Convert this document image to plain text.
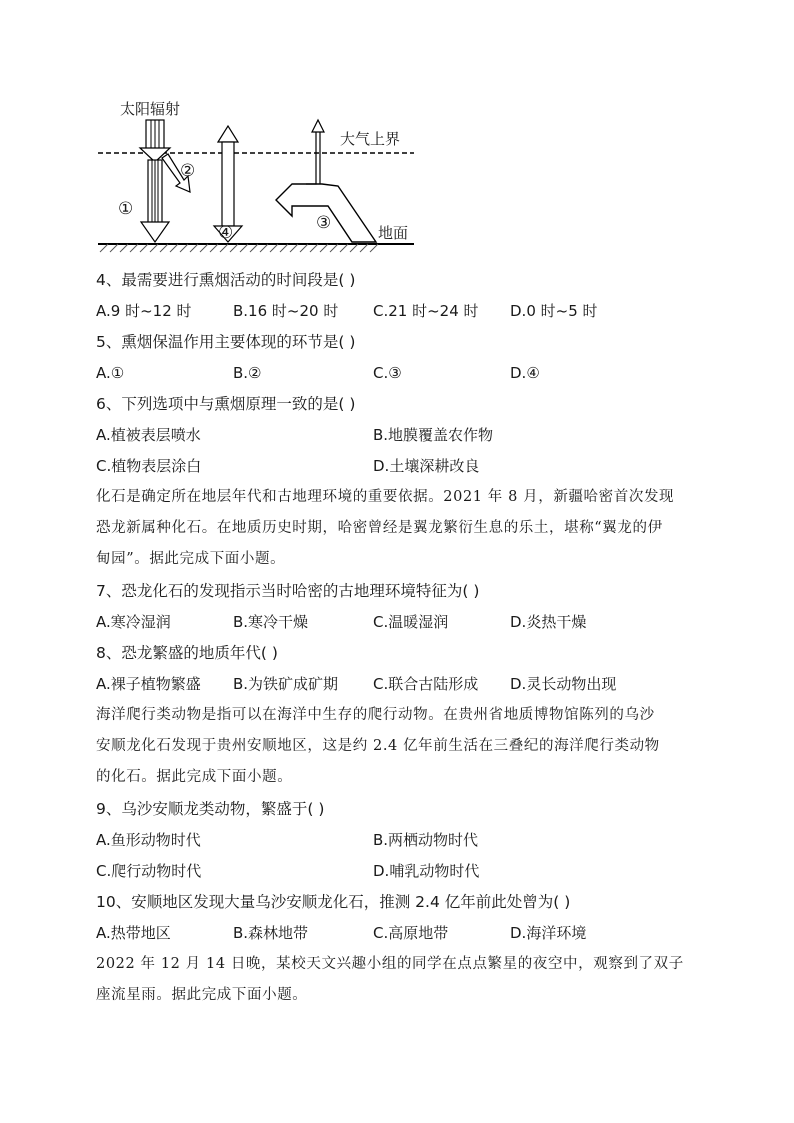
太阳辐射
大气上界
地面
①
②
③
④
4、最需要进行熏烟活动的时间段是( )
A.9 时~12 时	B.16 时~20 时 C.21 时~24 时 D.0 时~5 时
5、熏烟保温作用主要体现的环节是( )
A.①	B.②	C.③	D.④
6、下列选项中与熏烟原理一致的是( )
A.植被表层喷水	B.地膜覆盖农作物
C.植物表层涂白	D.土壤深耕改良
化石是确定所在地层年代和古地理环境的重要依据。2021 年 8 月，新疆哈密首次发现
恐龙新属种化石。在地质历史时期，哈密曾经是翼龙繁衍生息的乐土，堪称“翼龙的伊
甸园”。据此完成下面小题。
7、恐龙化石的发现指示当时哈密的古地理环境特征为( )
A.寒冷湿润	B.寒冷干燥	C.温暖湿润	D.炎热干燥
8、恐龙繁盛的地质年代( )
A.裸子植物繁盛 B.为铁矿成矿期 C.联合古陆形成 D.灵长动物出现
海洋爬行类动物是指可以在海洋中生存的爬行动物。在贵州省地质博物馆陈列的乌沙
安顺龙化石发现于贵州安顺地区，这是约 2.4 亿年前生活在三叠纪的海洋爬行类动物
的化石。据此完成下面小题。
9、乌沙安顺龙类动物，繁盛于( )
A.鱼形动物时代	B.两栖动物时代
C.爬行动物时代	D.哺乳动物时代
10、安顺地区发现大量乌沙安顺龙化石，推测 2.4 亿年前此处曾为( )
A.热带地区	B.森林地带	C.高原地带	D.海洋环境
2022 年 12 月 14 日晚，某校天文兴趣小组的同学在点点繁星的夜空中，观察到了双子
座流星雨。据此完成下面小题。
